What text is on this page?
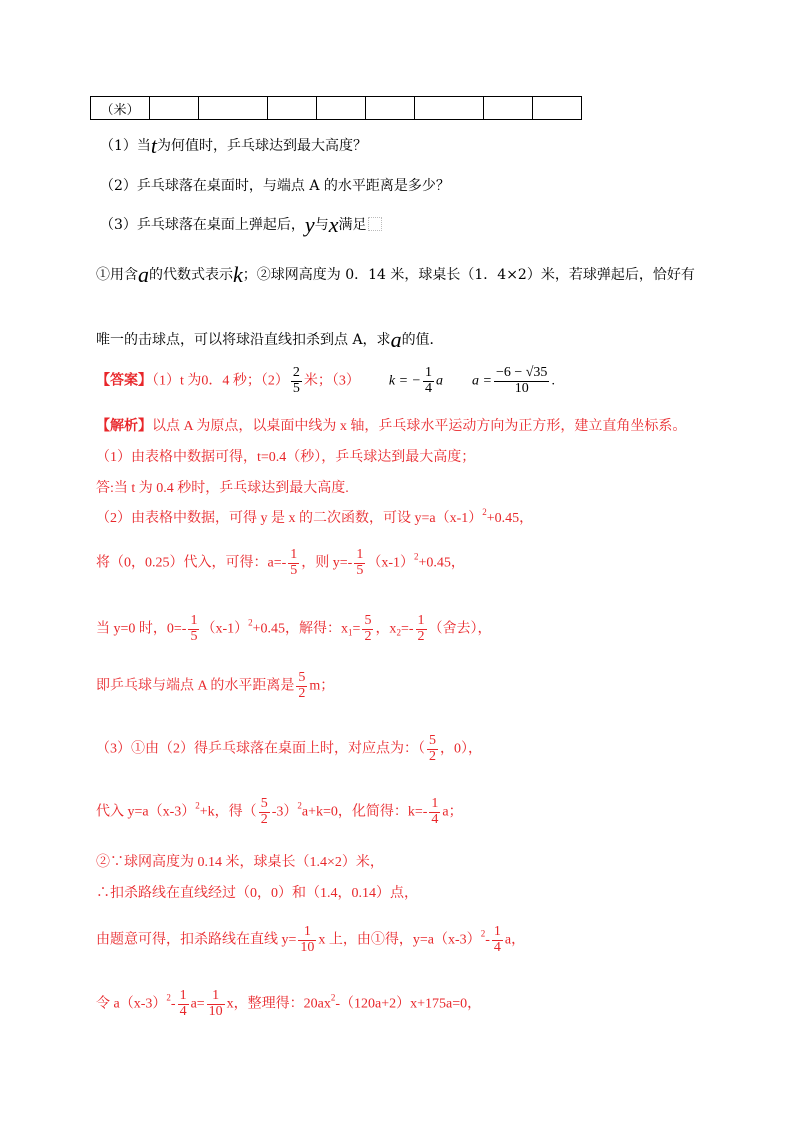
（米）								
（1）当t为何值时，乒乓球达到最大高度？
（2）乒乓球落在桌面时，与端点 A 的水平距离是多少？
（3）乒乓球落在桌面上弹起后，y与x满足
①用含a的代数式表示k；②球网高度为 0．14 米，球桌长（1．4×2）米，若球弹起后，恰好有
唯一的击球点，可以将球沿直线扣杀到点 A，求a的值．
【答案】（1）t 为0．4 秒；$(2) \frac{2}{5}$ 米；（3） k = − $\frac{1}{4}$ a $a = \frac{-6 - √35}{10}$ .
【解析】以点 A 为原点，以桌面中线为 x 轴，乒乓球水平运动方向为正方形，建立直角坐标系。
（1）由表格中数据可得，t=0.4（秒），乒乓球达到最大高度；
答:当 t 为 0.4 秒时，乒乓球达到最大高度.
（2）由表格中数据，可得 y 是 x 的二次函数，可设 $y=a(x-1)^2+0.45$，
将（0，0.25）代入，可得：$a=- \frac{1}{5}$ ，则 $y=- \frac{1}{5} (x-1)^2+0.45$，
当 y=0 时，$0=- \frac{1}{5} (x-1)^2+0.45$，解得：$x_1= \frac{5}{2}$ ，$x_2=- \frac{1}{2}$ （舍去），
即乒乓球与端点 A 的水平距离是 $\frac{5}{2}$ m；
（3）①由（2）得乒乓球落在桌面上时，对应点为：（ $\frac{5}{2}$ ，0），
代入 $y=a(x-3)^2+k$，得（ $\frac{5}{2} -3)^2a+k=0$，化简得：$k=- \frac{1}{4}$ a；
②∵球网高度为 0.14 米，球桌长（1.4×2）米，
∴扣杀路线在直线经过（0，0）和（1.4，0.14）点，
由题意可得，扣杀路线在直线 $y= \frac{1}{10}$ x 上，由①得，$y=a(x-3)^2- \frac{1}{4}$ a，
令 $a(x-3)^2- \frac{1}{4} a= \frac{1}{10}$ x，整理得：$20ax^2-(120a+2)x+175a=0$，
